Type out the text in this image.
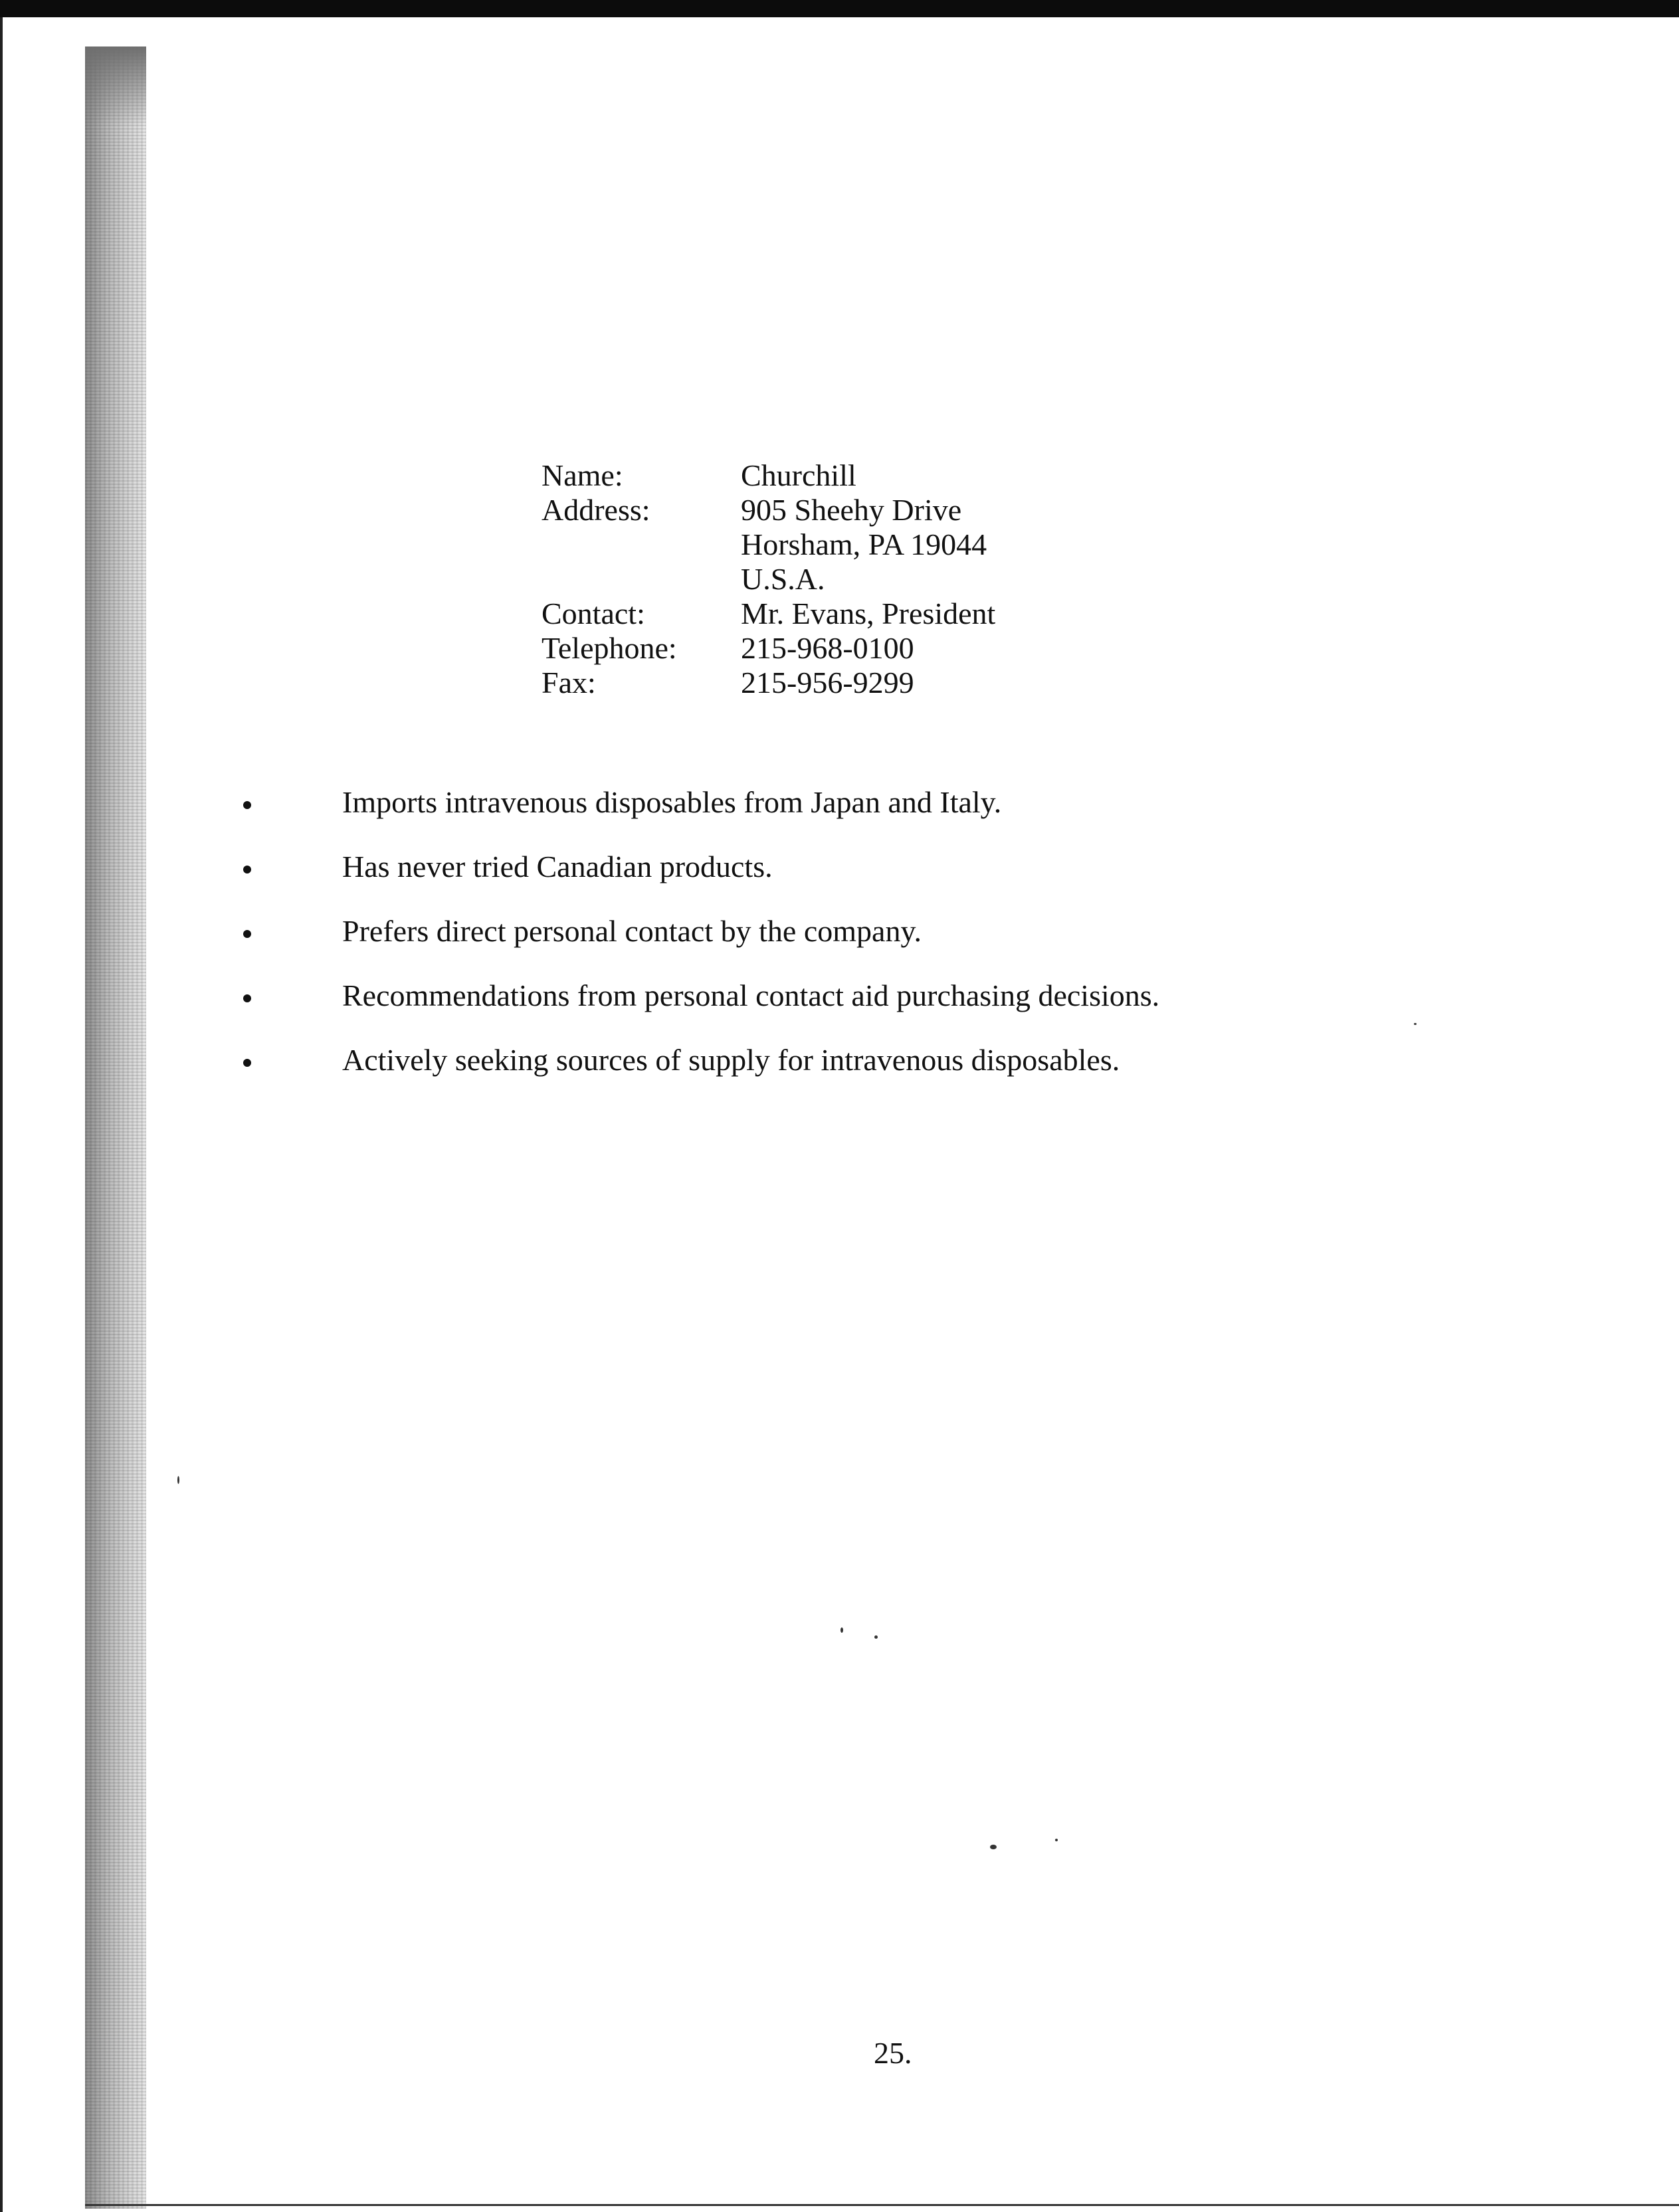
Name:	Churchill
Address:	905 Sheehy Drive
Horsham, PA 19044
U.S.A.
Contact:	Mr. Evans, President
Telephone:	215-968-0100
Fax:	215-956-9299
Imports intravenous disposables from Japan and Italy.
Has never tried Canadian products.
Prefers direct personal contact by the company.
Recommendations from personal contact aid purchasing decisions.
Actively seeking sources of supply for intravenous disposables.
25.
